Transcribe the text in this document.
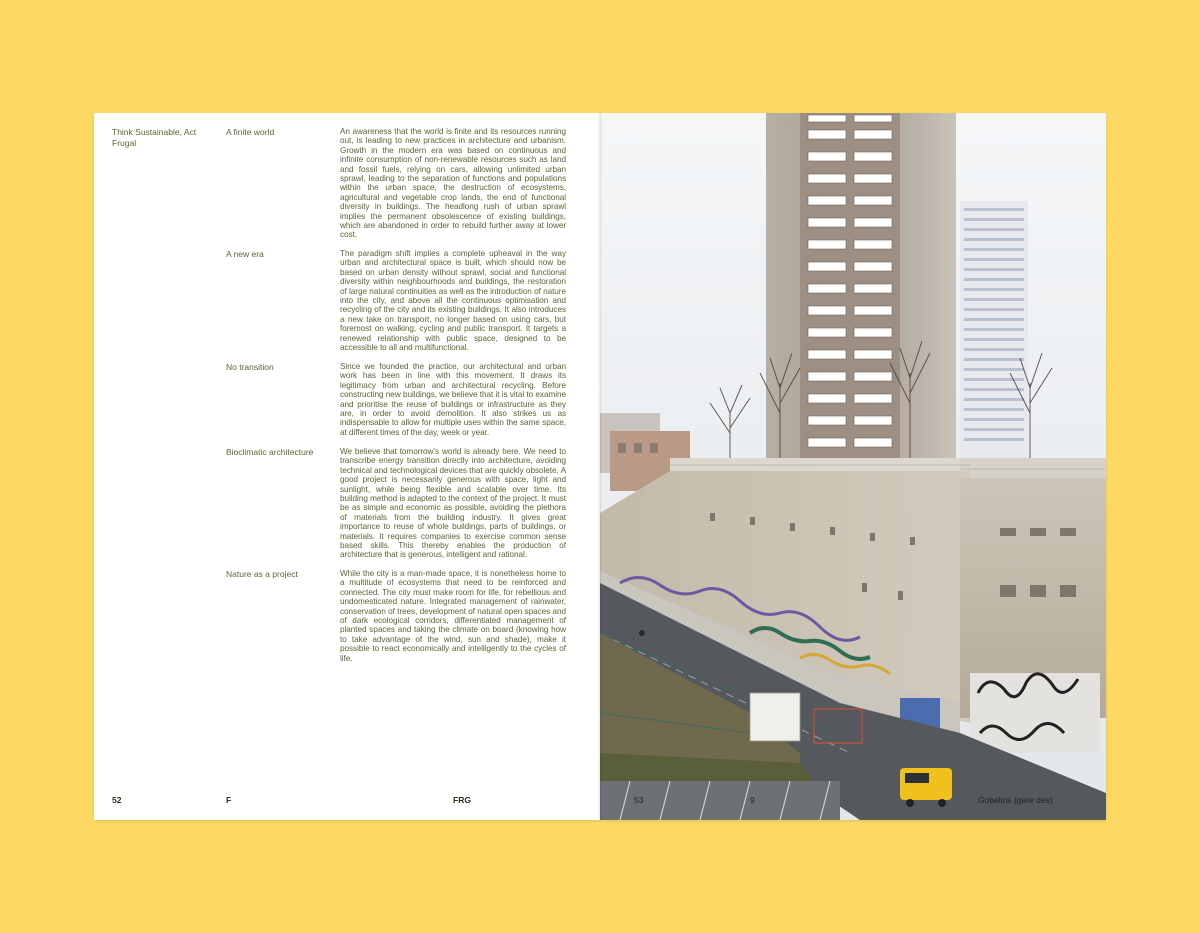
Think Sustainable, Act Frugal
A finite world	An awareness that the world is finite and its resources running out, is leading to new practices in architecture and urbanism. Growth in the modern era was based on continuous and infinite consumption of non-renewable resources such as land and fossil fuels, relying on cars, allowing unlimited urban sprawl, leading to the separation of functions and populations within the urban space, the destruction of ecosystems, agricultural and vegetable crop lands, the end of functional diversity in buildings. The headlong rush of urban sprawl implies the permanent obsolescence of existing buildings, which are abandoned in order to rebuild further away at lower cost.
A new era	The paradigm shift implies a complete upheaval in the way urban and architectural space is built, which should now be based on urban density without sprawl, social and functional diversity within neighbourhoods and buildings, the restoration of large natural continuities as well as the introduction of nature into the city, and above all the continuous optimisation and recycling of the city and its existing buildings. It also introduces a new take on transport, no longer based on using cars, but foremost on walking, cycling and public transport. It targets a renewed relationship with public space, designed to be accessible to all and multifunctional.
No transition	Since we founded the practice, our architectural and urban work has been in line with this movement. It draws its legitimacy from urban and architectural recycling. Before constructing new buildings, we believe that it is vital to examine and prioritise the reuse of buildings or infrastructure as they are, in order to avoid demolition. It also strikes us as indispensable to allow for multiple uses within the same space, at different times of the day, week or year.
Bioclimatic architecture	We believe that tomorrow’s world is already here. We need to transcribe energy transition directly into architecture, avoiding technical and technological devices that are quickly obsolete. A good project is necessarily generous with space, light and sunlight, while being flexible and scalable over time. Its building method is adapted to the context of the project. It must be as simple and economic as possible, avoiding the plethora of materials from the building industry. It gives great importance to reuse of whole buildings, parts of buildings, or materials. It requires companies to exercise common sense based skills. This thereby enables the production of architecture that is generous, intelligent and rational.
Nature as a project	While the city is a man-made space, it is nonetheless home to a multitude of ecosystems that need to be reinforced and connected. The city must make room for life, for rebellious and undomesticated nature. Integrated management of rainwater, conservation of trees, development of natural open spaces and of dark ecological corridors, differentiated management of planted spaces and taking the climate on board (knowing how to take advantage of the wind, sun and shade), make it possible to react economically and intelligently to the cycles of life.
52	F	FRG	53	9	Gobelins (gare des)
